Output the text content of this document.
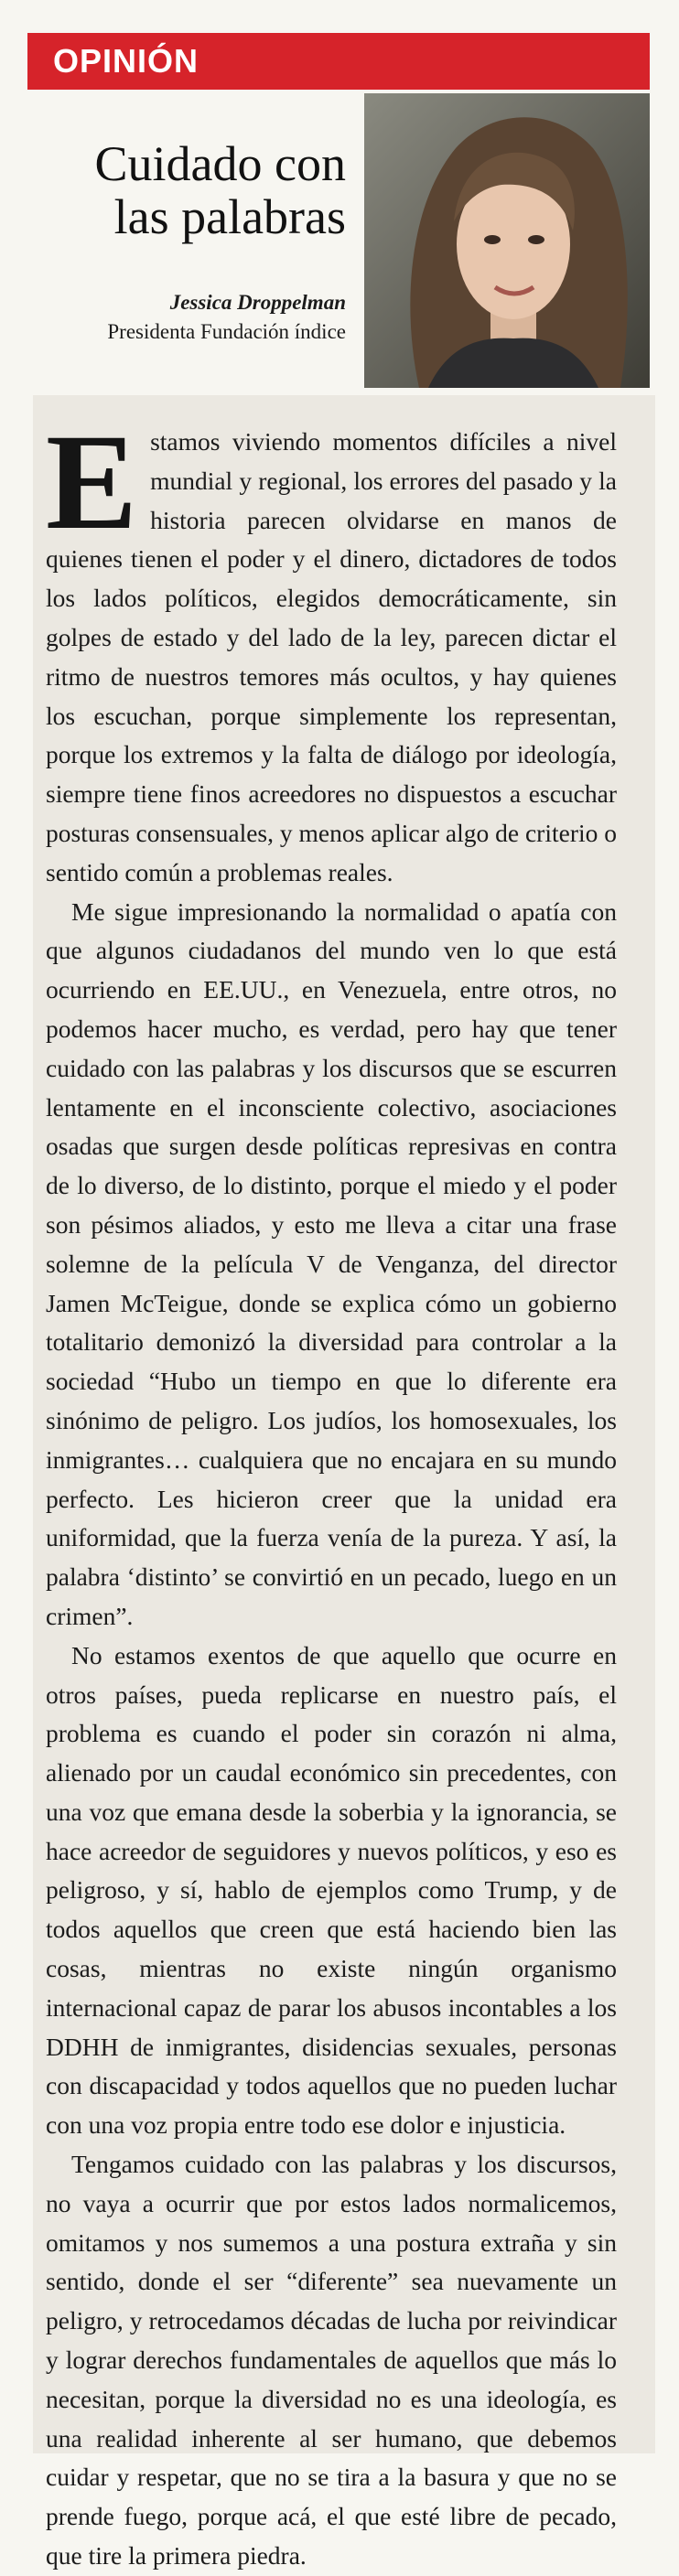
OPINIÓN
Cuidado con las palabras
Jessica Droppelman
Presidenta Fundación índice

Estamos viviendo momentos difíciles a nivel mundial y regional, los errores del pasado y la historia parecen olvidarse en manos de quienes tienen el poder y el dinero, dictadores de todos los lados políticos, elegidos democráticamente, sin golpes de estado y del lado de la ley, parecen dictar el ritmo de nuestros temores más ocultos, y hay quienes los escuchan, porque simplemente los representan, porque los extremos y la falta de diálogo por ideología, siempre tiene finos acreedores no dispuestos a escuchar posturas consensuales, y menos aplicar algo de criterio o sentido común a problemas reales.

Me sigue impresionando la normalidad o apatía con que algunos ciudadanos del mundo ven lo que está ocurriendo en EE.UU., en Venezuela, entre otros, no podemos hacer mucho, es verdad, pero hay que tener cuidado con las palabras y los discursos que se escurren lentamente en el inconsciente colectivo, asociaciones osadas que surgen desde políticas represivas en contra de lo diverso, de lo distinto, porque el miedo y el poder son pésimos aliados, y esto me lleva a citar una frase solemne de la película V de Venganza, del director Jamen McTeigue, donde se explica cómo un gobierno totalitario demonizó la diversidad para controlar a la sociedad “Hubo un tiempo en que lo diferente era sinónimo de peligro. Los judíos, los homosexuales, los inmigrantes… cualquiera que no encajara en su mundo perfecto. Les hicieron creer que la unidad era uniformidad, que la fuerza venía de la pureza. Y así, la palabra ‘distinto’ se convirtió en un pecado, luego en un crimen”.

No estamos exentos de que aquello que ocurre en otros países, pueda replicarse en nuestro país, el problema es cuando el poder sin corazón ni alma, alienado por un caudal económico sin precedentes, con una voz que emana desde la soberbia y la ignorancia, se hace acreedor de seguidores y nuevos políticos, y eso es peligroso, y sí, hablo de ejemplos como Trump, y de todos aquellos que creen que está haciendo bien las cosas, mientras no existe ningún organismo internacional capaz de parar los abusos incontables a los DDHH de inmigrantes, disidencias sexuales, personas con discapacidad y todos aquellos que no pueden luchar con una voz propia entre todo ese dolor e injusticia.

Tengamos cuidado con las palabras y los discursos, no vaya a ocurrir que por estos lados normalicemos, omitamos y nos sumemos a una postura extraña y sin sentido, donde el ser “diferente” sea nuevamente un peligro, y retrocedamos décadas de lucha por reivindicar y lograr derechos fundamentales de aquellos que más lo necesitan, porque la diversidad no es una ideología, es una realidad inherente al ser humano, que debemos cuidar y respetar, que no se tira a la basura y que no se prende fuego, porque acá, el que esté libre de pecado, que tire la primera piedra.
